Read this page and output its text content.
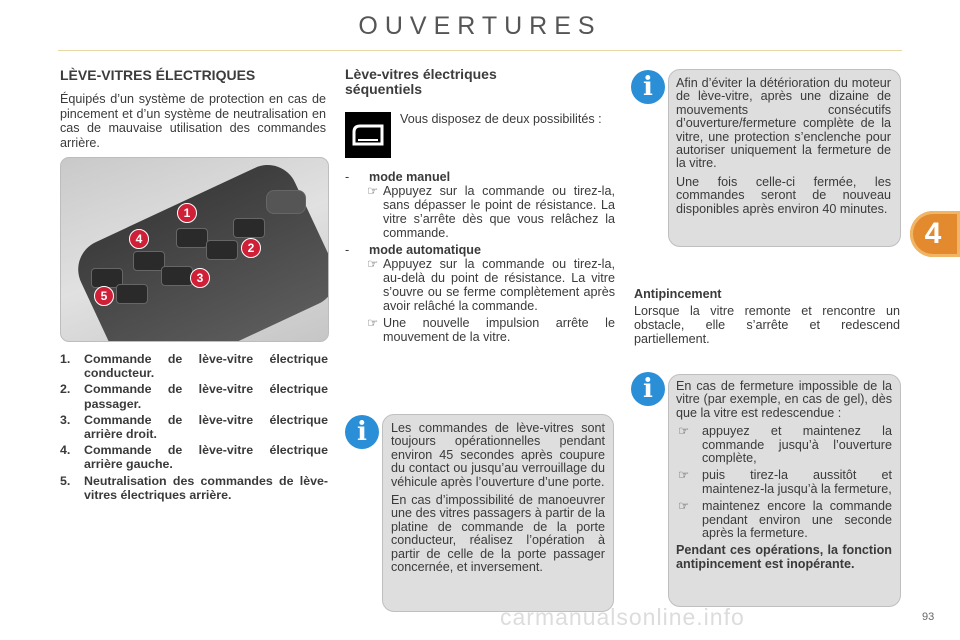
OUVERTURES
4
LÈVE-VITRES ÉLECTRIQUES
Équipés d’un système de protection en cas de pincement et d’un système de neutralisation en cas de mauvaise utilisation des commandes arrière.
1
2
3
4
5
1.	Commande de lève-vitre électrique conducteur.
2.	Commande de lève-vitre électrique passager.
3.	Commande de lève-vitre électrique arrière droit.
4.	Commande de lève-vitre électrique arrière gauche.
5.	Neutralisation des commandes de lève-vitres électriques arrière.
Lève-vitres électriques séquentiels
Vous disposez de deux possibilités :
- mode manuel
☞ Appuyez sur la commande ou tirez-la, sans dépasser le point de résistance. La vitre s’arrête dès que vous relâchez la commande.
- mode automatique
☞ Appuyez sur la commande ou tirez-la, au-delà du point de résistance. La vitre s’ouvre ou se ferme complètement après avoir relâché la commande.
☞ Une nouvelle impulsion arrête le mouvement de la vitre.
i	Les commandes de lève-vitres sont toujours opérationnelles pendant environ 45 secondes après coupure du contact ou jusqu’au verrouillage du véhicule après l’ouverture d’une porte.

En cas d’impossibilité de manoeuvrer une des vitres passagers à partir de la platine de commande de la porte conducteur, réalisez l’opération à partir de celle de la porte passager concernée, et inversement.

i	Afin d’éviter la détérioration du moteur de lève-vitre, après une dizaine de mouvements consécutifs d’ouverture/fermeture complète de la vitre, une protection s’enclenche pour autoriser uniquement la fermeture de la vitre.

Une fois celle-ci fermée, les commandes seront de nouveau disponibles après environ 40 minutes.

Antipincement
Lorsque la vitre remonte et rencontre un obstacle, elle s’arrête et redescend partiellement.
i	En cas de fermeture impossible de la vitre (par exemple, en cas de gel), dès que la vitre est redescendue :

☞	appuyez et maintenez la commande jusqu’à l’ouverture complète,
☞	puis tirez-la aussitôt et maintenez-la jusqu’à la fermeture,
☞	maintenez encore la commande pendant environ une seconde après la fermeture.

Pendant ces opérations, la fonction antipincement est inopérante.

carmanualsonline.info	93
